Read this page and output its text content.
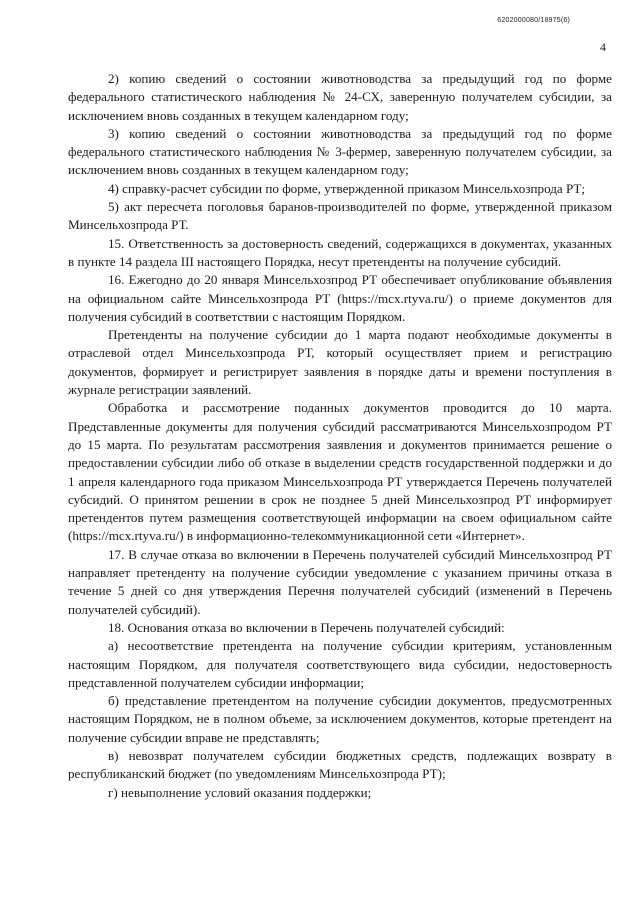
6202000080/18975(6)
4

2) копию сведений о состоянии животноводства за предыдущий год по форме федерального статистического наблюдения № 24-СХ, заверенную получателем субсидии, за исключением вновь созданных в текущем календарном году;

3) копию сведений о состоянии животноводства за предыдущий год по форме федерального статистического наблюдения № 3-фермер, заверенную получателем субсидии, за исключением вновь созданных в текущем календарном году;

4) справку-расчет субсидии по форме, утвержденной приказом Минсельхозпрода РТ;

5) акт пересчета поголовья баранов-производителей по форме, утвержденной приказом Минсельхозпрода РТ.

15. Ответственность за достоверность сведений, содержащихся в документах, указанных в пункте 14 раздела III настоящего Порядка, несут претенденты на получение субсидий.

16. Ежегодно до 20 января Минсельхозпрод РТ обеспечивает опубликование объявления на официальном сайте Минсельхозпрода РТ (https://mcx.rtyva.ru/) о приеме документов для получения субсидий в соответствии с настоящим Порядком.

Претенденты на получение субсидии до 1 марта подают необходимые документы в отраслевой отдел Минсельхозпрода РТ, который осуществляет прием и регистрацию документов, формирует и регистрирует заявления в порядке даты и времени поступления в журнале регистрации заявлений.

Обработка и рассмотрение поданных документов проводится до 10 марта. Представленные документы для получения субсидий рассматриваются Минсельхозпродом РТ до 15 марта. По результатам рассмотрения заявления и документов принимается решение о предоставлении субсидии либо об отказе в выделении средств государственной поддержки и до 1 апреля календарного года приказом Минсельхозпрода РТ утверждается Перечень получателей субсидий. О принятом решении в срок не позднее 5 дней Минсельхозпрод РТ информирует претендентов путем размещения соответствующей информации на своем официальном сайте (https://mcx.rtyva.ru/) в информационно-телекоммуникационной сети «Интернет».

17. В случае отказа во включении в Перечень получателей субсидий Минсельхозпрод РТ направляет претенденту на получение субсидии уведомление с указанием причины отказа в течение 5 дней со дня утверждения Перечня получателей субсидий (изменений в Перечень получателей субсидий).

18. Основания отказа во включении в Перечень получателей субсидий:

а) несоответствие претендента на получение субсидии критериям, установленным настоящим Порядком, для получателя соответствующего вида субсидии, недостоверность представленной получателем субсидии информации;

б) представление претендентом на получение субсидии документов, предусмотренных настоящим Порядком, не в полном объеме, за исключением документов, которые претендент на получение субсидии вправе не представлять;

в) невозврат получателем субсидии бюджетных средств, подлежащих возврату в республиканский бюджет (по уведомлениям Минсельхозпрода РТ);

г) невыполнение условий оказания поддержки;
